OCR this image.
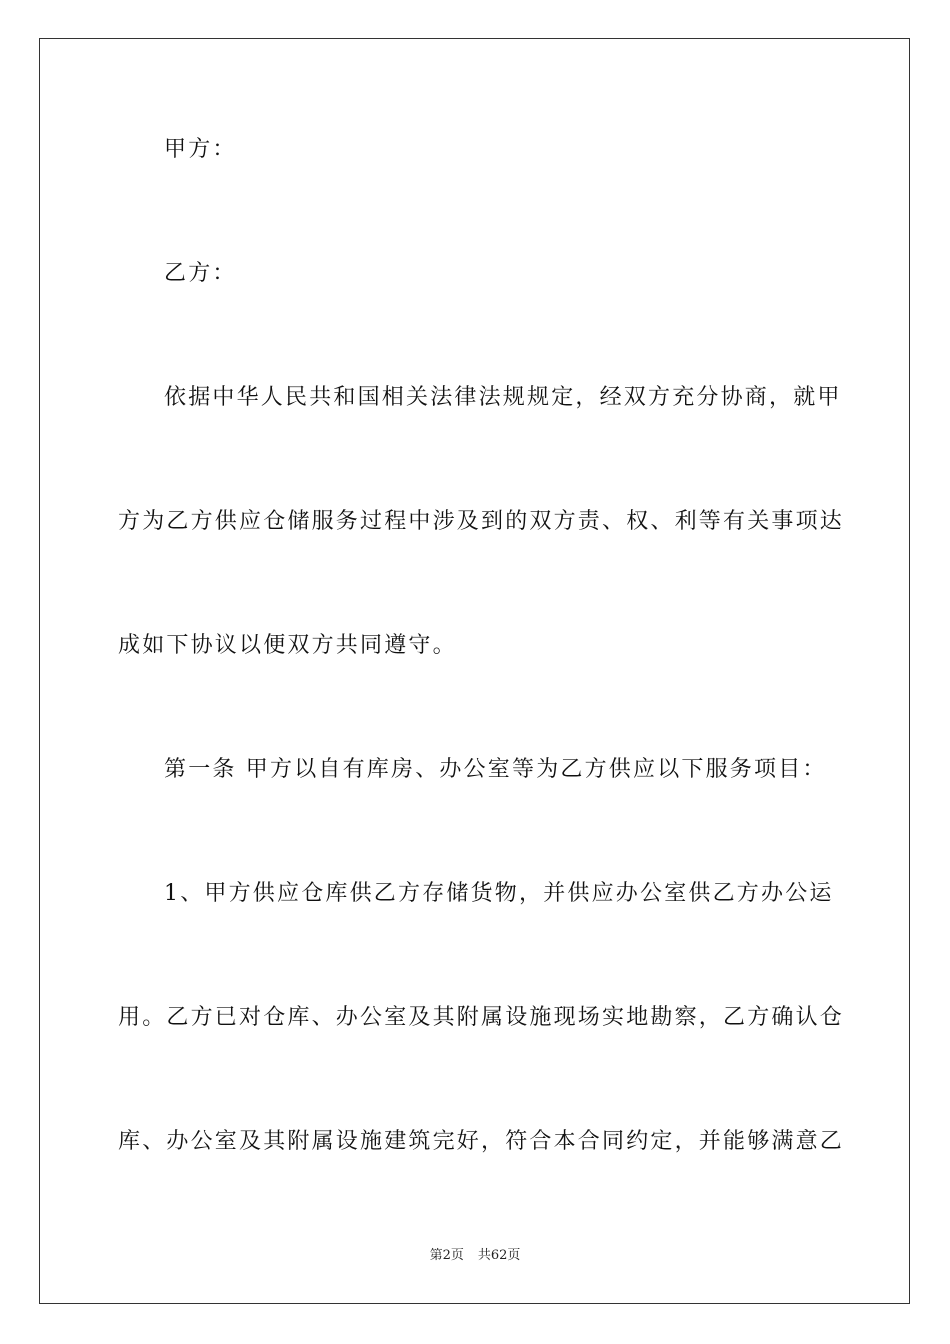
甲方：
乙方：
依据中华人民共和国相关法律法规规定，经双方充分协商，就甲
方为乙方供应仓储服务过程中涉及到的双方责、权、利等有关事项达
成如下协议以便双方共同遵守。
第一条 甲方以自有库房、办公室等为乙方供应以下服务项目：
1、甲方供应仓库供乙方存储货物，并供应办公室供乙方办公运
用。乙方已对仓库、办公室及其附属设施现场实地勘察，乙方确认仓
库、办公室及其附属设施建筑完好，符合本合同约定，并能够满意乙
第2页 共62页
